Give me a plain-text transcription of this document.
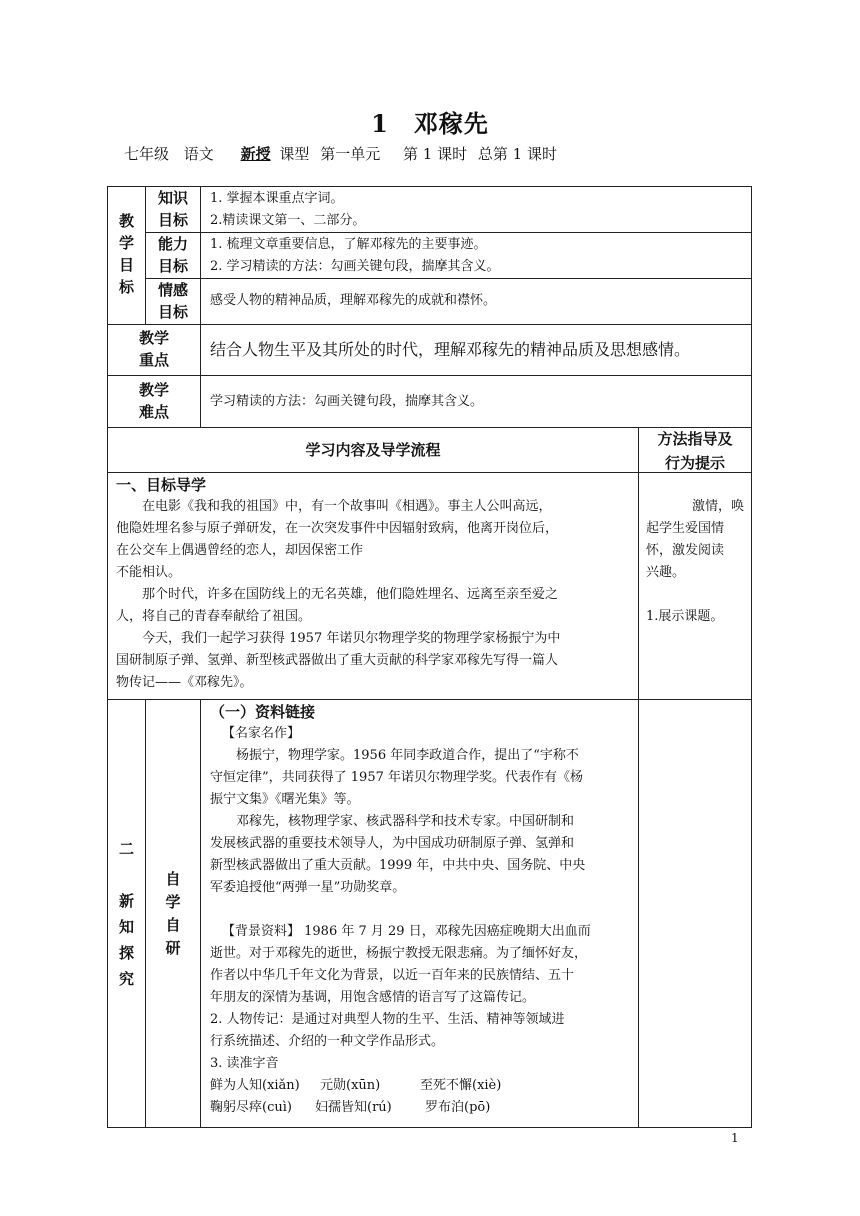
1　邓稼先
七年级 语文 新授 课型 第一单元 第 1 课时 总第 1 课时

教

学

目

标

知识

目标

1. 掌握本课重点字词。

2.精读课文第一、二部分。

能力

目标

1. 梳理文章重要信息，了解邓稼先的主要事迹。

2. 学习精读的方法：勾画关键句段，揣摩其含义。

情感

目标

感受人物的精神品质，理解邓稼先的成就和襟怀。

教学

重点

结合人物生平及其所处的时代，理解邓稼先的精神品质及思想感情。

教学

难点

学习精读的方法：勾画关键句段，揣摩其含义。

学习内容及导学流程

方法指导及

行为提示

一、目标导学

在电影《我和我的祖国》中，有一个故事叫《相遇》。事主人公叫高远，

他隐姓埋名参与原子弹研发，在一次突发事件中因辐射致病，他离开岗位后，

在公交车上偶遇曾经的恋人，却因保密工作

不能相认。

那个时代，许多在国防线上的无名英雄，他们隐姓埋名、远离至亲至爱之

人，将自己的青春奉献给了祖国。

今天，我们一起学习获得 1957 年诺贝尔物理学奖的物理学家杨振宁为中

国研制原子弹、氢弹、新型核武器做出了重大贡献的科学家邓稼先写得一篇人

物传记——《邓稼先》。

激情，唤

起学生爱国情

怀，激发阅读

兴趣。

1.展示课题。

二

新

知

探

究

自

学

自

研

（一）资料链接

【名家名作】

杨振宁，物理学家。1956 年同李政道合作，提出了“宇称不

守恒定律”，共同获得了 1957 年诺贝尔物理学奖。代表作有《杨

振宁文集》《曙光集》等。

邓稼先，核物理学家、核武器科学和技术专家。中国研制和

发展核武器的重要技术领导人，为中国成功研制原子弹、氢弹和

新型核武器做出了重大贡献。1999 年，中共中央、国务院、中央

军委追授他“两弹一星”功勋奖章。

【背景资料】 1986 年 7 月 29 日，邓稼先因癌症晚期大出血而

逝世。对于邓稼先的逝世，杨振宁教授无限悲痛。为了缅怀好友，

作者以中华几千年文化为背景，以近一百年来的民族情结、五十

年朋友的深情为基调，用饱含感情的语言写了这篇传记。

2. 人物传记：是通过对典型人物的生平、生活、精神等领域进

行系统描述、介绍的一种文学作品形式。

3. 读准字音

鲜为人知(xiǎn) 元勋(xūn)	至死不懈(xiè)

鞠躬尽瘁(cuì) 妇孺皆知(rú)	罗布泊(pō)

1
